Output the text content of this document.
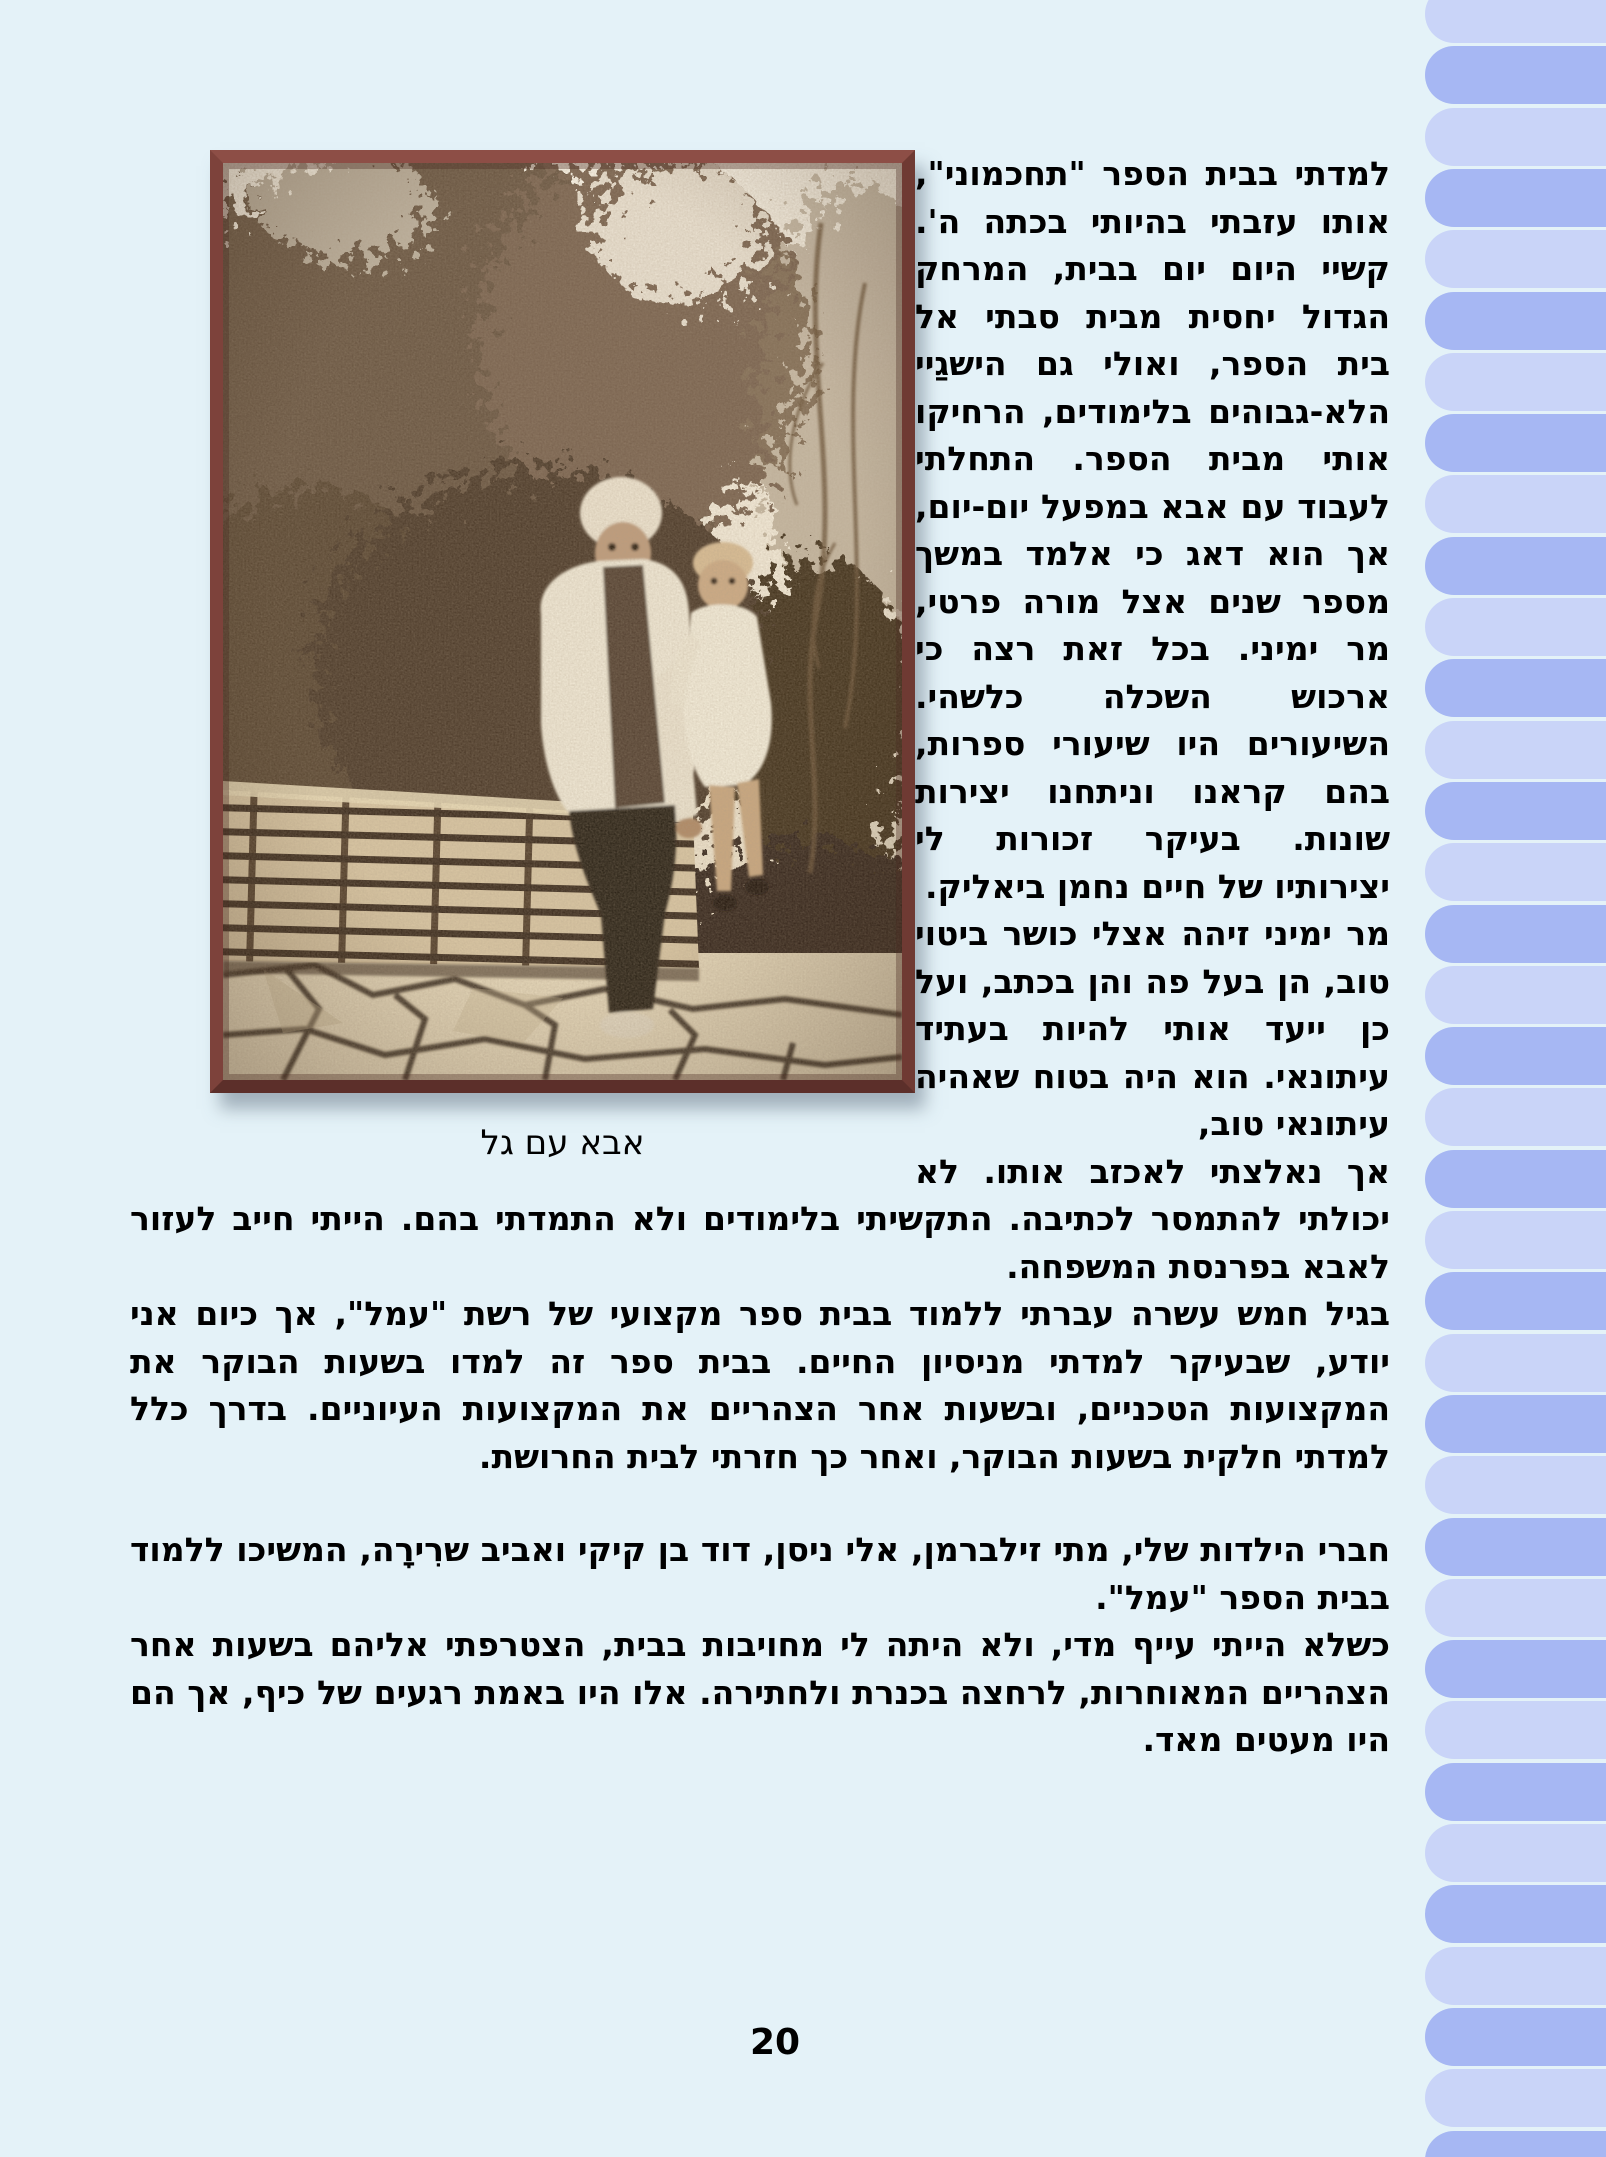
אבא עם גל

למדתי בבית הספר "תחכמוני", אותו עזבתי בהיותי בכתה ה'. קשיי היום יום בבית, המרחק הגדול יחסית מבית סבתי אל בית הספר, ואולי גם הישגַיי הלא-גבוהים בלימודים, הרחיקו אותי מבית הספר. התחלתי לעבוד עם אבא במפעל יום-יום, אך הוא דאג כי אלמד במשך מספר שנים אצל מורה פרטי, מר ימיני. בכל זאת רצה כי ארכוש השכלה כלשהי. השיעורים היו שיעורי ספרות, בהם קראנו וניתחנו יצירות שונות. בעיקר זכורות לי יצירותיו של חיים נחמן ביאליק.

מר ימיני זיהה אצלי כושר ביטוי טוב, הן בעל פה והן בכתב, ועל כן ייעד אותי להיות בעתיד עיתונאי. הוא היה בטוח שאהיה עיתונאי טוב,

אך נאלצתי לאכזב אותו. לא יכולתי להתמסר לכתיבה. התקשיתי בלימודים ולא התמדתי בהם. הייתי חייב לעזור לאבא בפרנסת המשפחה.

בגיל חמש עשרה עברתי ללמוד בבית ספר מקצועי של רשת "עמל", אך כיום אני יודע, שבעיקר למדתי מניסיון החיים. בבית ספר זה למדו בשעות הבוקר את המקצועות הטכניים, ובשעות אחר הצהריים את המקצועות העיוניים. בדרך כלל למדתי חלקית בשעות הבוקר, ואחר כך חזרתי לבית החרושת.

חברי הילדות שלי, מתי זילברמן, אלי ניסן, דוד בן קיקי ואביב שרִירָה, המשיכו ללמוד בבית הספר "עמל".

כשלא הייתי עייף מדי, ולא היתה לי מחויבות בבית, הצטרפתי אליהם בשעות אחר הצהריים המאוחרות, לרחצה בכנרת ולחתירה. אלו היו באמת רגעים של כיף, אך הם היו מעטים מאד.

20
